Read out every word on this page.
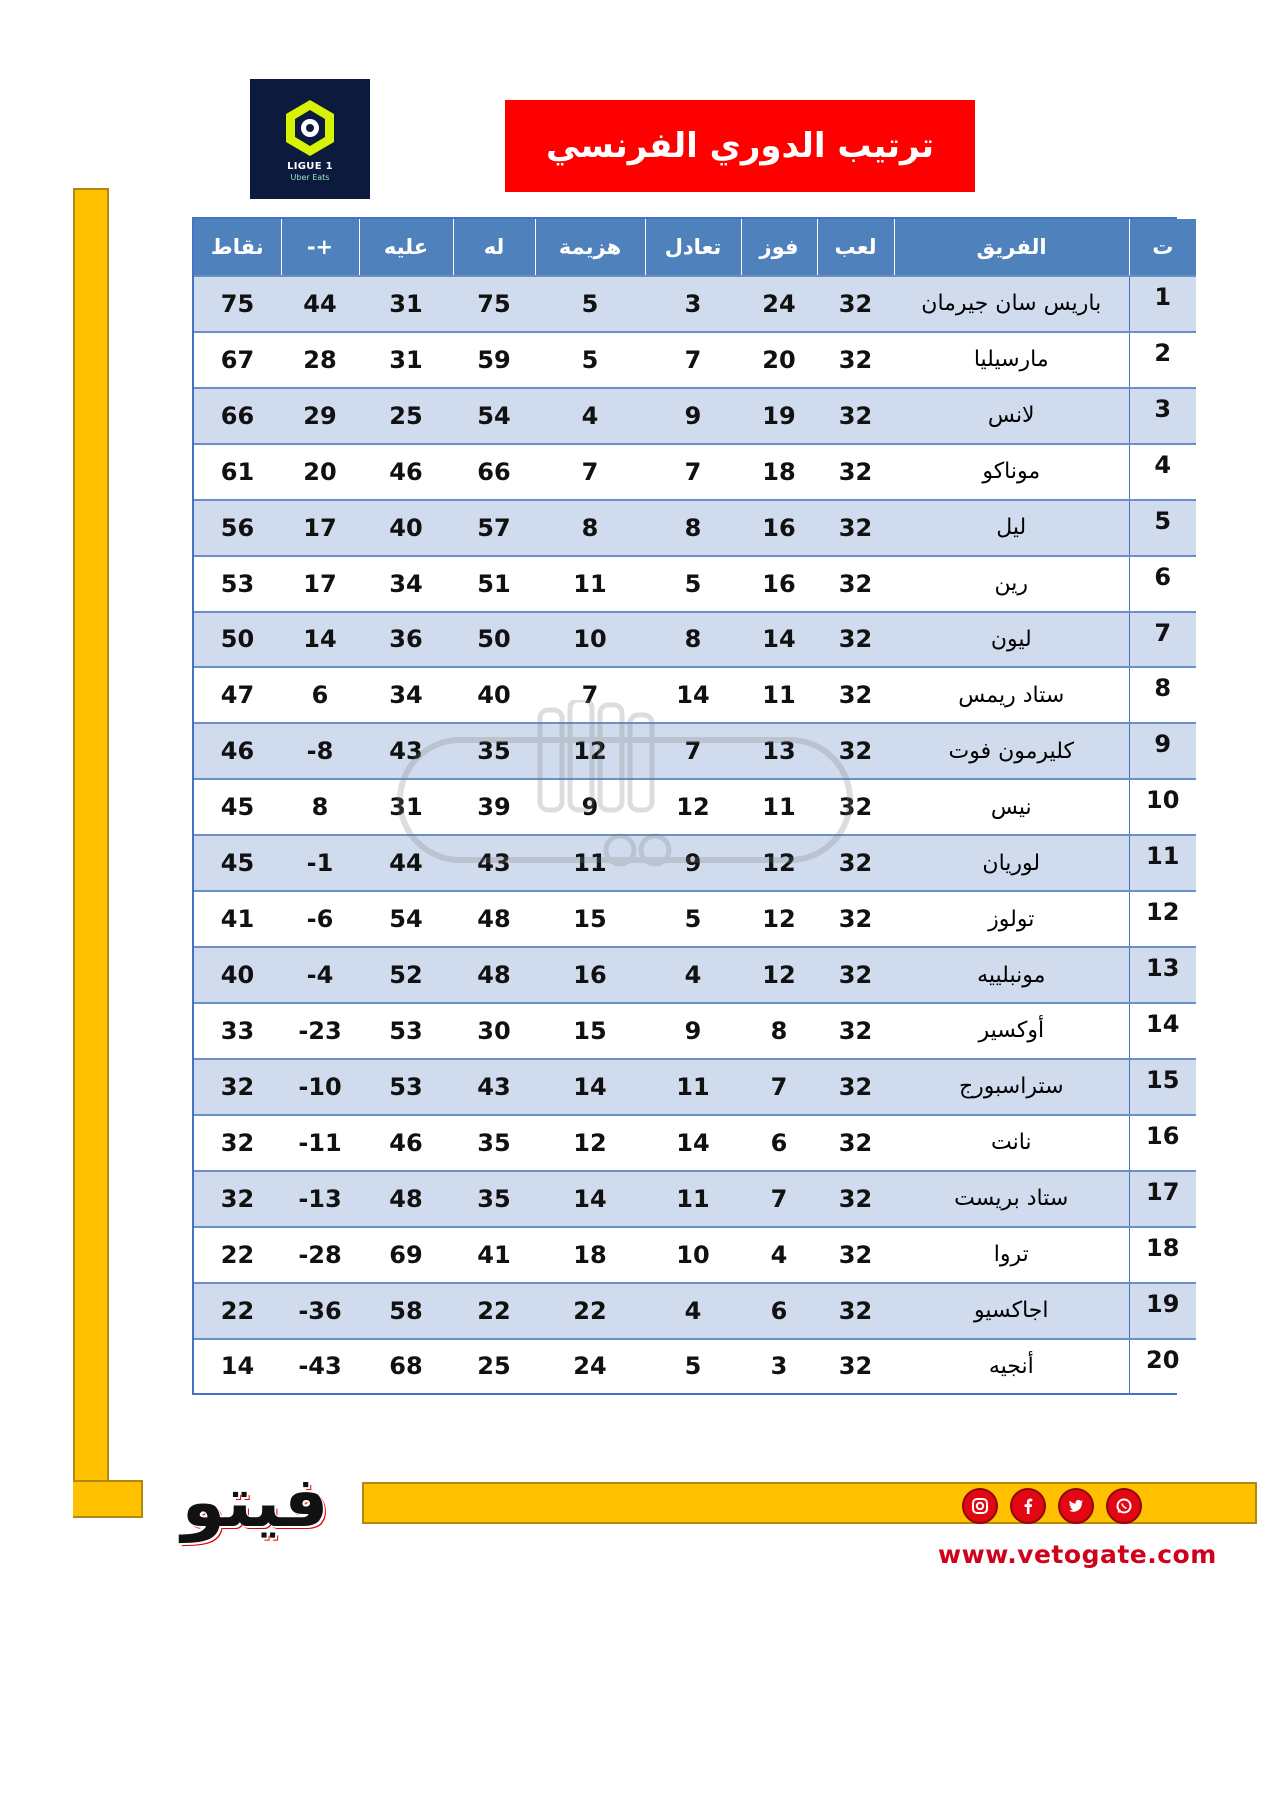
LIGUE 1
Uber Eats
ترتيب الدوري الفرنسي
نقاط	-+	عليه	له	هزيمة	تعادل	فوز	لعب	الفريق	ت
75	44	31	75	5	3	24	32	باريس سان جيرمان	1
67	28	31	59	5	7	20	32	مارسيليا	2
66	29	25	54	4	9	19	32	لانس	3
61	20	46	66	7	7	18	32	موناكو	4
56	17	40	57	8	8	16	32	ليل	5
53	17	34	51	11	5	16	32	رين	6
50	14	36	50	10	8	14	32	ليون	7
47	6	34	40	7	14	11	32	ستاد ريمس	8
46	-8	43	35	12	7	13	32	كليرمون فوت	9
45	8	31	39	9	12	11	32	نيس	10
45	-1	44	43	11	9	12	32	لوريان	11
41	-6	54	48	15	5	12	32	تولوز	12
40	-4	52	48	16	4	12	32	مونبلييه	13
33	-23	53	30	15	9	8	32	أوكسير	14
32	-10	53	43	14	11	7	32	ستراسبورج	15
32	-11	46	35	12	14	6	32	نانت	16
32	-13	48	35	14	11	7	32	ستاد بريست	17
22	-28	69	41	18	10	4	32	تروا	18
22	-36	58	22	22	4	6	32	اجاكسيو	19
14	-43	68	25	24	5	3	32	أنجيه	20
فيتو
www.vetogate.com
